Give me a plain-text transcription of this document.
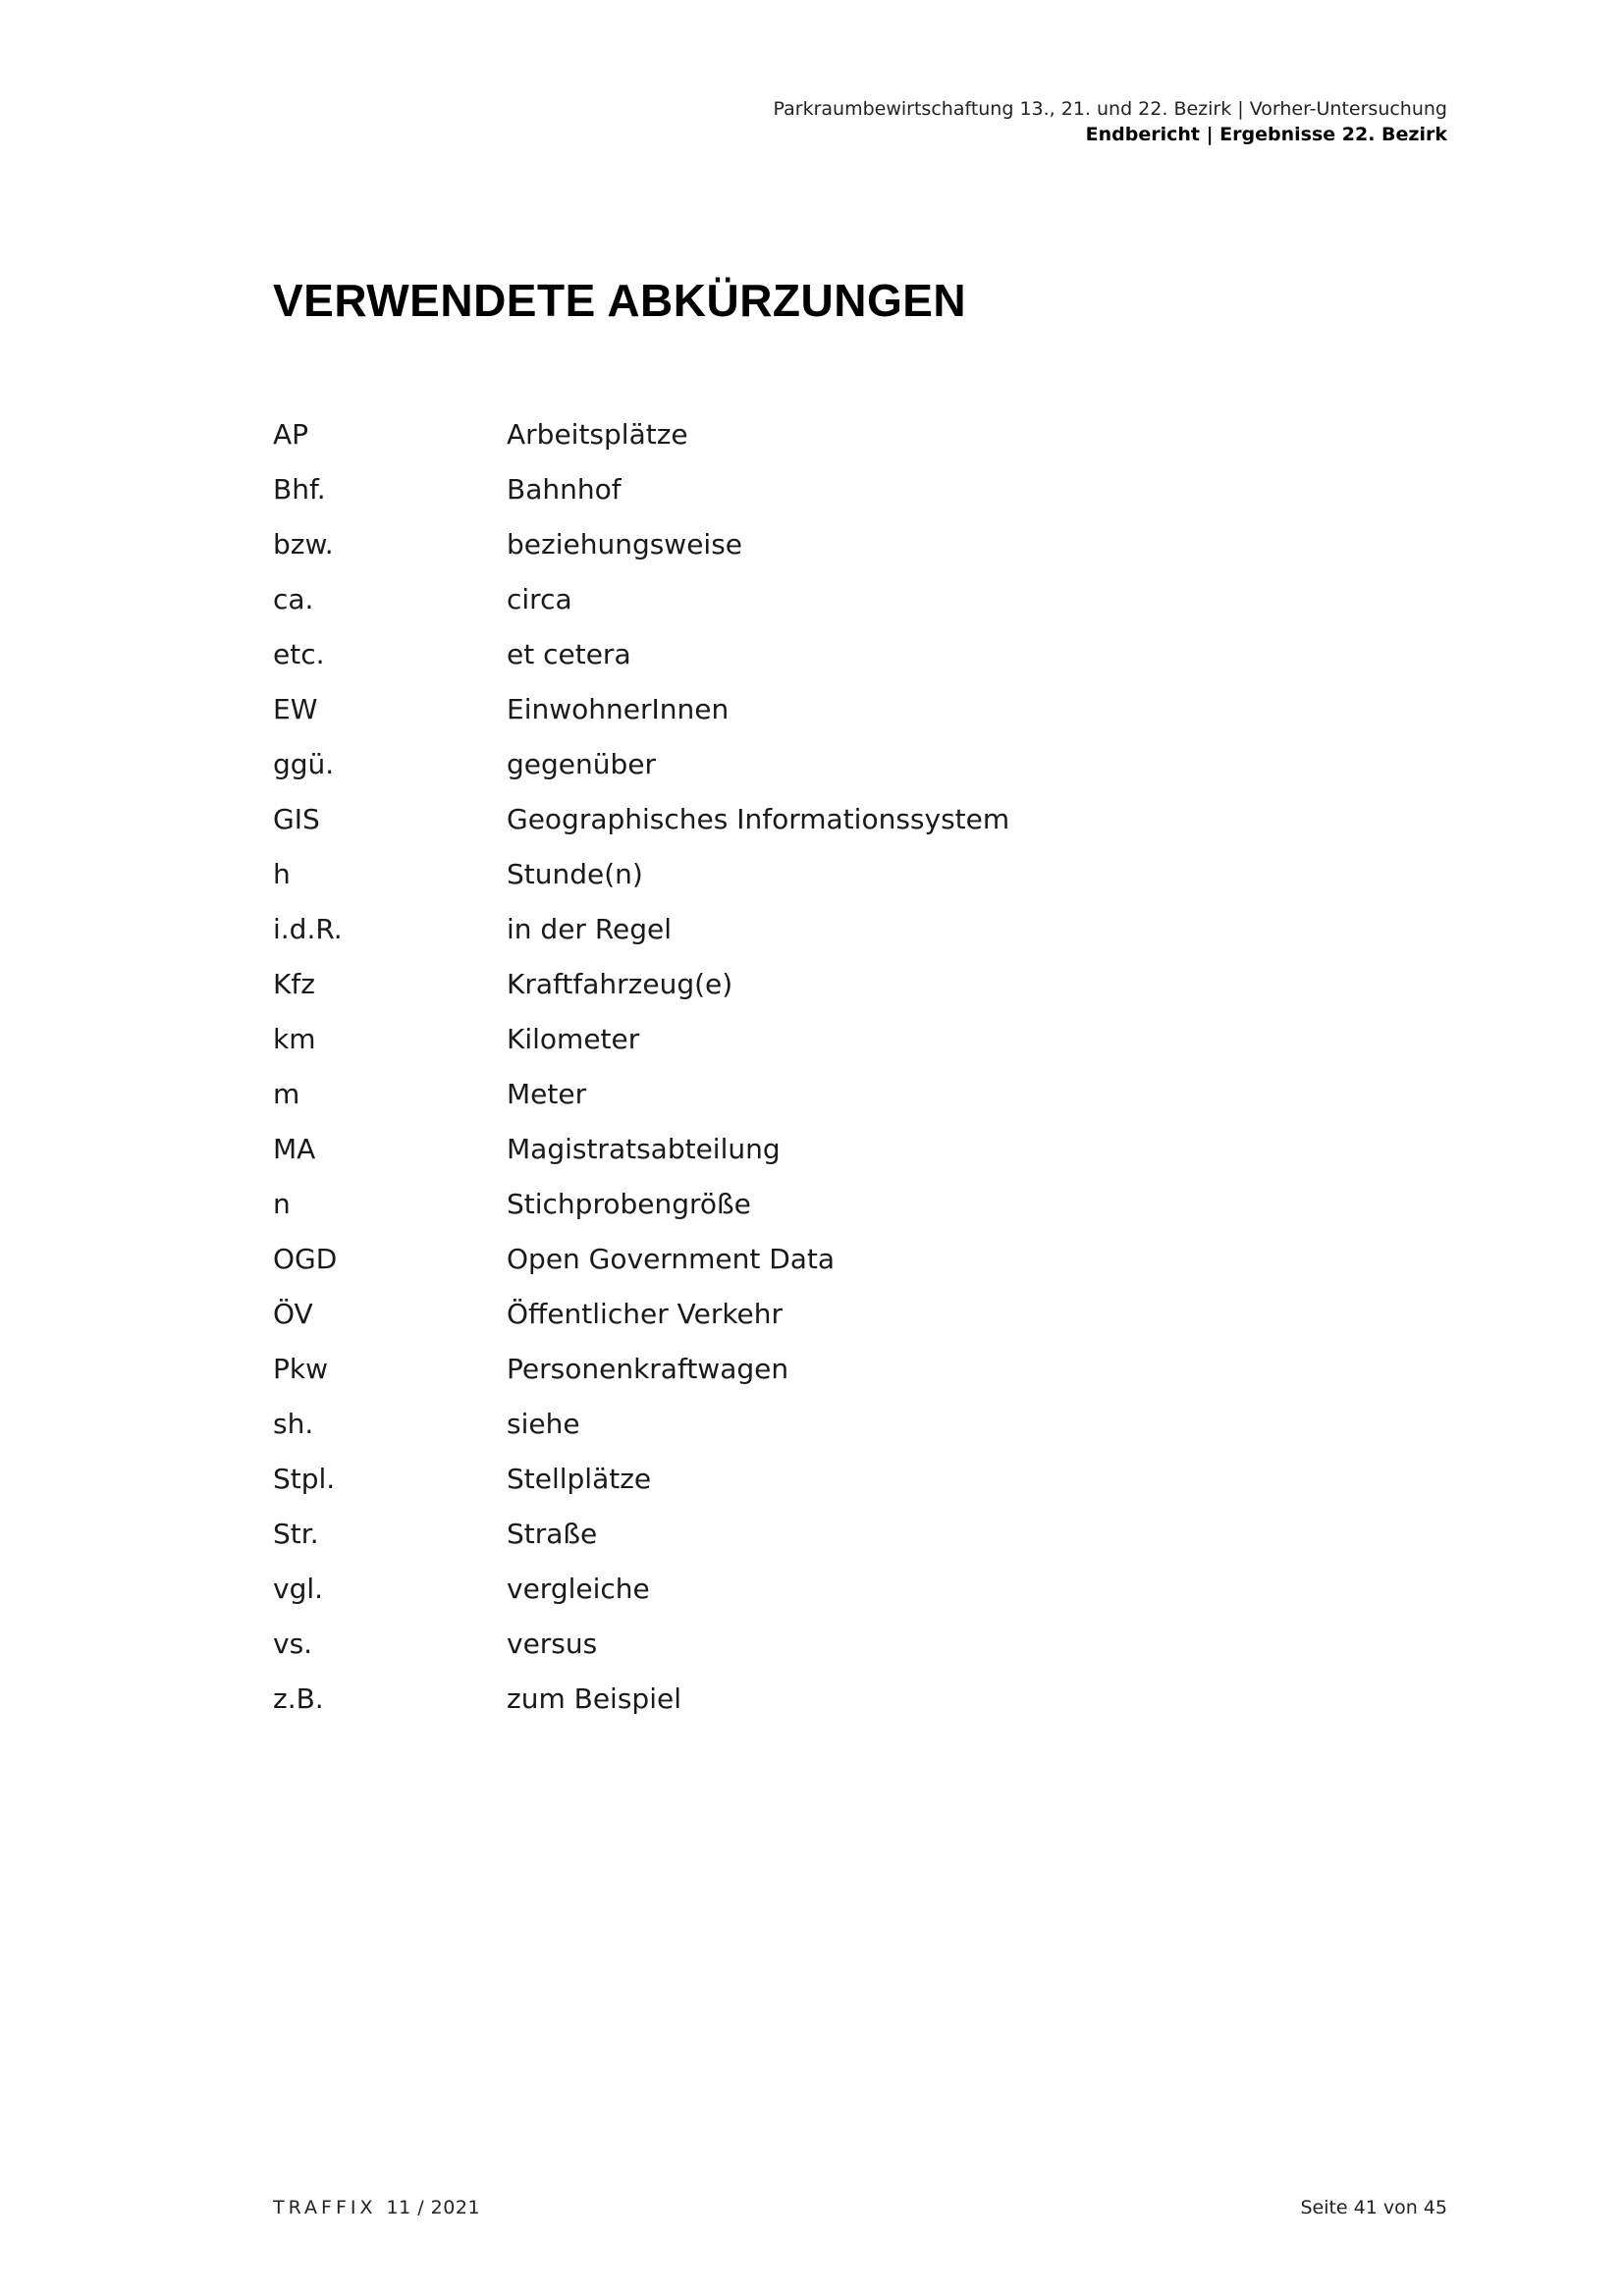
Parkraumbewirtschaftung 13., 21. und 22. Bezirk | Vorher-Untersuchung
Endbericht | Ergebnisse 22. Bezirk
VERWENDETE ABKÜRZUNGEN
AP	Arbeitsplätze
Bhf.	Bahnhof
bzw.	beziehungsweise
ca.	circa
etc.	et cetera
EW	EinwohnerInnen
ggü.	gegenüber
GIS	Geographisches Informationssystem
h	Stunde(n)
i.d.R.	in der Regel
Kfz	Kraftfahrzeug(e)
km	Kilometer
m	Meter
MA	Magistratsabteilung
n	Stichprobengröße
OGD	Open Government Data
ÖV	Öffentlicher Verkehr
Pkw	Personenkraftwagen
sh.	siehe
Stpl.	Stellplätze
Str.	Straße
vgl.	vergleiche
vs.	versus
z.B.	zum Beispiel
TRAFFIX 11 / 2021	Seite 41 von 45
